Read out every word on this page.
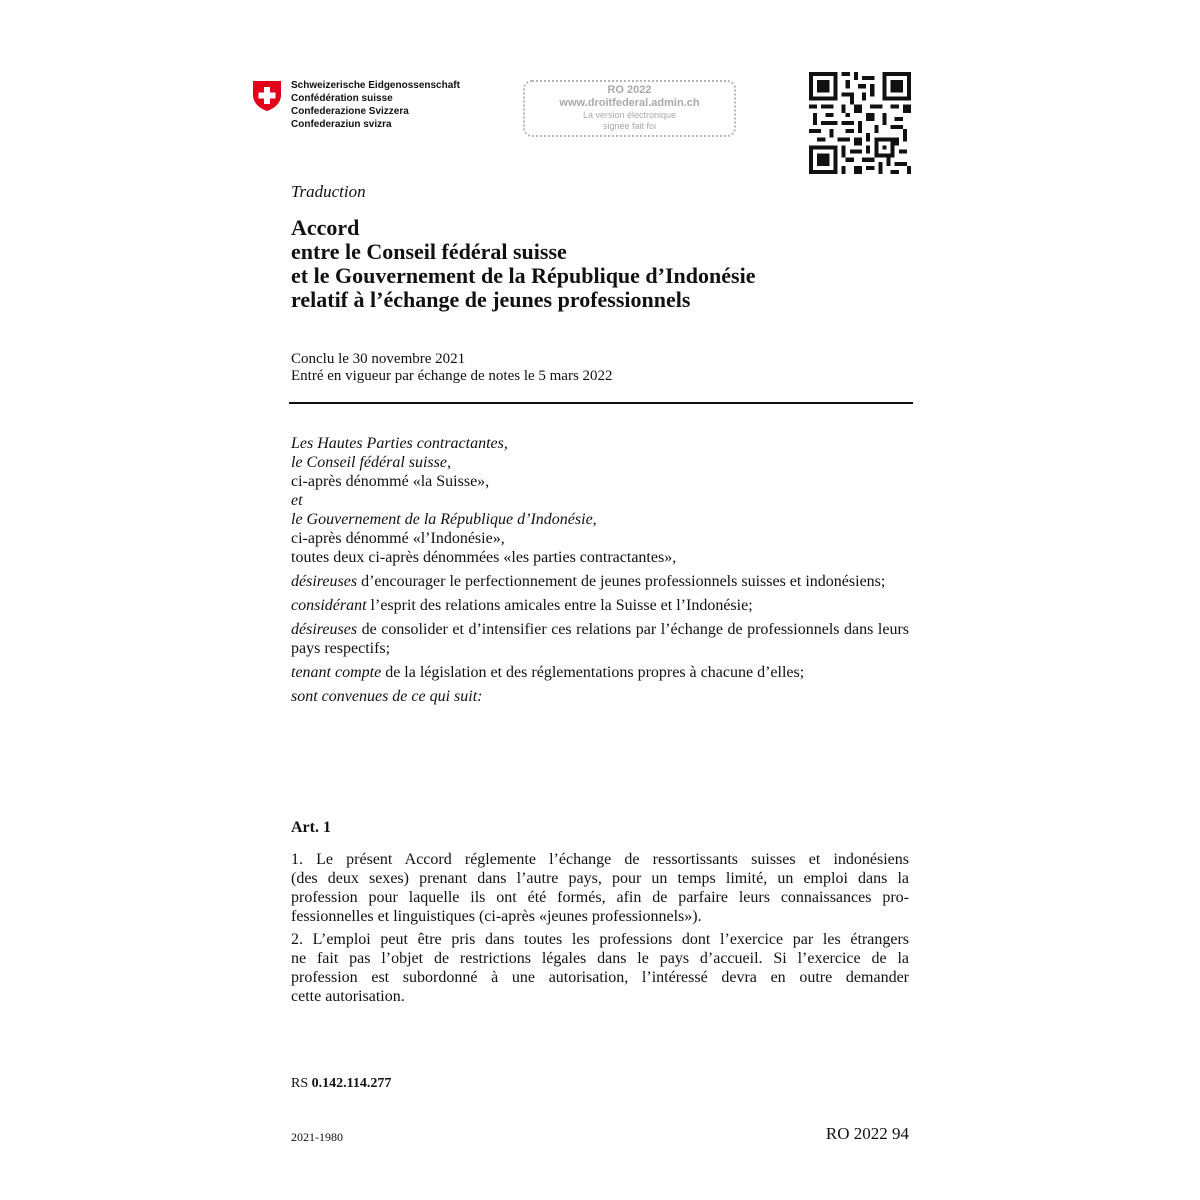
Schweizerische Eidgenossenschaft
Confédération suisse
Confederazione Svizzera
Confederaziun svizra
RO 2022
www.droitfederal.admin.ch
La version électronique
signée fait foi
Traduction
Accord
entre le Conseil fédéral suisse
et le Gouvernement de la République d’Indonésie
relatif à l’échange de jeunes professionnels
Conclu le 30 novembre 2021
Entré en vigueur par échange de notes le 5 mars 2022
Les Hautes Parties contractantes,
le Conseil fédéral suisse,
ci-après dénommé «la Suisse»,
et
le Gouvernement de la République d’Indonésie,
ci-après dénommé «l’Indonésie»,
toutes deux ci-après dénommées «les parties contractantes»,
désireuses d’encourager le perfectionnement de jeunes professionnels suisses et indonésiens;
considérant l’esprit des relations amicales entre la Suisse et l’Indonésie;
désireuses de consolider et d’intensifier ces relations par l’échange de professionnels dans leurs pays respectifs;
tenant compte de la législation et des réglementations propres à chacune d’elles;
sont convenues de ce qui suit:
Art. 1
1. Le présent Accord réglemente l’échange de ressortissants suisses et indonésiens
(des deux sexes) prenant dans l’autre pays, pour un temps limité, un emploi dans la
profession pour laquelle ils ont été formés, afin de parfaire leurs connaissances pro-
fessionnelles et linguistiques (ci-après «jeunes professionnels»).
2. L’emploi peut être pris dans toutes les professions dont l’exercice par les étrangers
ne fait pas l’objet de restrictions légales dans le pays d’accueil. Si l’exercice de la
profession est subordonné à une autorisation, l’intéressé devra en outre demander
cette autorisation.
RS 0.142.114.277
2021-1980	RO 2022 94
